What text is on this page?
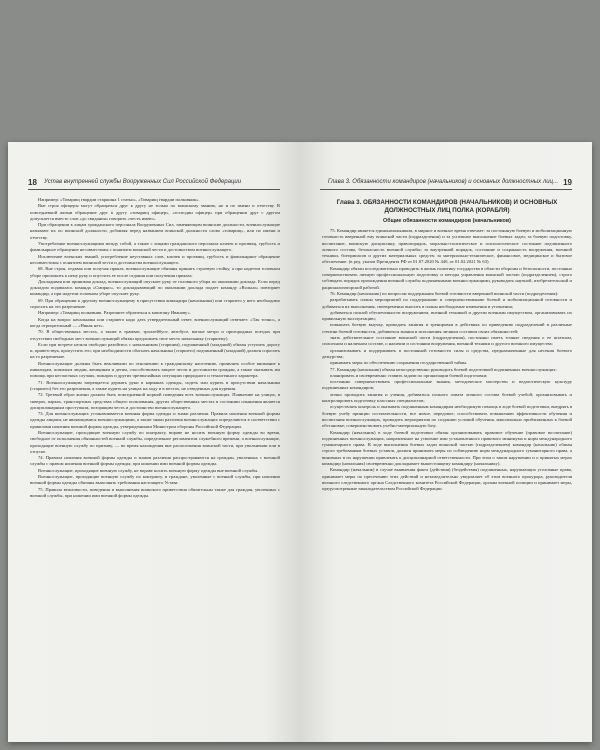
18 Устав внутренней службы Вооруженных Сил Российской Федерации

Например: «Товарищ гвардии старшина 1 статьи», «Товарищ гвардии полковник».

Вне строя офицеры могут обращаться друг к другу не только по воинскому званию, но и по имени и отчеству. В повседневной жизни обращение друг к другу «товарищ офицер», «господин офицер» при обращении друг с другом допускается вместо слов «до свидания» говорить «честь имею».

При обращении к лицам гражданского персонала Вооруженных Сил, заменяющим воинские должности, военнослужащие называют их по воинской должности, добавляя перед названием воинской должности слово «товарищ», или по имени и отчеству.

Употребление военнослужащими между собой, а также с лицами гражданского персонала кличек и прозвищ, грубость и фамильярное обращение несовместимы с понятием воинской чести и достоинством военнослужащего.

Исключение военских званий, употребление неуставных слов, кличек и прозвищ, грубость и фамильярное обращение несовместимы с понятием воинской чести и достоинства военнослужащего.

68. Вне строя, отдавая или получая приказ, военнослужащие обязаны принять строевую стойку, а при надетом головном уборе приложить к нему руку и опустить ее после отдания или получения приказа.

Докладывая или принимая доклад, военнослужащий опускает руку от головного убора по окончании доклада. Если перед докладом подавалась команда «Смирно», то докладывающий по окончании доклада подает команду «Вольно» повторяет командир, а при надетом головном уборе опускает руку.

69. При обращении к другому военнослужащему в присутствии командира (начальника) или старшего у него необходимо спросить на это разрешение.

Например: «Товарищ полковник. Разрешите обратиться к капитану Иванову».

Когда на вопрос начальника или старшего надо дать утвердительный ответ, военнослужащий отвечает: «Так точно», а когда отрицательный — «Никак нет».

70. В общественных местах, а также в трамвае, троллейбусе, автобусе, вагоне метро и пригородных поездах при отсутствии свободных мест военнослужащий обязан предложить свое место начальнику (старшему).

Если при встрече нельзя свободно разойтись с начальником (старшим), подчиненный (младший) обязан уступить дорогу и, приветствуя, пропустить его; при необходимости обогнать начальника (старшего) подчиненный (младший) должен спросить на то разрешение.

Военнослужащие должны быть вежливыми по отношению к гражданскому населению, проявлять особое внимание к инвалидам, пожилым людям, женщинам и детям, способствовать защите чести и достоинства граждан, а также оказывать им помощь при несчастных случаях, пожарах и других чрезвычайных ситуациях природного и техногенного характера.

71. Военнослужащим запрещается держать руки в карманах одежды, сидеть или курить в присутствии начальника (старшего) без его разрешения, а также курить на улицах на ходу и в местах, не отведенных для курения.

72. Трезвый образ жизни должен быть повседневной нормой поведения всех военнослужащих. Появление на улицах, в скверах, парках, транспортных средствах общего пользования, других общественных местах в состоянии опьянения является дисциплинарным проступком, позорящим честь и достоинство военнослужащего.

73. Для военнослужащих устанавливается военная форма одежды и знаки различия. Правила ношения военной формы одежды лицами, не являющимися военнослужащими, а также знаки различия военнослужащих определяются в соответствии с правилами ношения военной формы одежды, утвержденными Министром обороны Российской Федерации.

Военнослужащие, проходящие военную службу по контракту, вправе не носить военную форму одежды во время, свободное от исполнения обязанностей военной службы, определенное регламентом служебного времени, а военнослужащие, проходящие военную службу по призыву, — во время нахождения вне расположения воинской части, при увольнении или в отпуске.

74. Правила ношения военной формы одежды и знаков различия распространяются на граждан, уволенных с военной службы с правом ношения военной формы одежды; при ношении ими военной формы одежды.

Военнослужащие, проходящие военную службу, не вправе носить военную форму одежды вне военной службы.

Военнослужащие, проходящие военную службу по контракту, и граждане, уволенные с военной службы, при ношении военной формы одежды обязаны выполнять требования настоящего Устава.

75. Правила вежливости, поведения и выполнения воинского приветствия обязательны также для граждан, уволенных с военной службы, при ношении ими военной формы одежды.

Глава 3. Обязанности командиров (начальников) и основных должностных лиц... 19
Глава 3. ОБЯЗАННОСТИ КОМАНДИРОВ (НАЧАЛЬНИКОВ) И ОСНОВНЫХ ДОЛЖНОСТНЫХ ЛИЦ ПОЛКА (КОРАБЛЯ)
Общие обязанности командиров (начальников)

75. Командир является единоначальником, в мирное и военное время отвечает: за постоянную боевую и мобилизационную готовность вверенной ему воинской части (подразделения) и за успешное выполнение боевых задач; за боевую подготовку, воспитание, воинскую дисциплину, правопорядок, морально-политическое и психологическое состояние подчиненного личного состава, безопасность военной службы; за внутренний порядок, состояние и сохранность вооружения, военной техники, боеприпасов и других материальных средств; за материально-техническое, финансовое, медицинское и бытовое обеспечение. (в ред. указов Президента РФ от 01.07.2020 № 440, от 01.02.2021 № 63)

Командир обязан последовательно проводить в жизнь политику государства в области обороны и безопасности, постоянно совершенствовать личную профессиональную подготовку и методы управления воинской частью (подразделением), строго соблюдать порядок прохождения военной службы подчиненными военнослужащими, руководить научной, изобретательской и рационализаторской работой.

76. Командир (начальник) по вопросам поддержания боевой готовности вверенной воинской части (подразделения):

разрабатывать планы мероприятий по поддержанию и совершенствованию боевой и мобилизационной готовности и добиваться их выполнения, своевременно вносить в планы необходимые изменения и уточнения;

добиваться полной обеспеченности вооружением, военной техникой и другим военным имуществом, организовывать их правильную эксплуатацию;

повышать боевую выучку, проводить занятия и тренировки в действиях по приведению подразделений в различные степени боевой готовности, добиваться знания и исполнения личным составом своих обязанностей;

знать действительное состояние воинской части (подразделения), постоянно иметь точные сведения о ее штатном, списочном и наличном составе, о наличии и состоянии вооружения, военной техники и другого военного имущества;

организовывать и поддерживать в постоянной готовности силы и средства, предназначенные для несения боевого дежурства;

принимать меры по обеспечению сохранения государственной тайны.

77. Командир (начальник) обязан непосредственно руководить боевой подготовкой подчиненных военнослужащих:

планировать и своевременно ставить задачи по организации боевой подготовки;

постоянно совершенствовать профессиональные знания, методическое мастерство и педагогическую культуру подчиненных командиров;

лично проводить занятия и учения, добиваться полного охвата личного состава боевой учебой; организовывать и контролировать подготовку классных специалистов;

осуществлять контроль и оказывать подчиненным командирам необходимую помощь в ходе боевой подготовки, внедрять в боевую учебу принцип состязательности, все новое, передовое; способствовать повышению эффективности обучения и воспитания военнослужащих, проводить мероприятия по созданию условий обучения, максимально приближенных к боевой обстановке; совершенствовать учебно-материальную базу.

Командир (начальник) в ходе боевой подготовки обязан организовывать правовое обучение (правовое воспитание) подчиненных военнослужащих, направленное на усвоение ими установленного правового минимума и норм международного гуманитарного права. В ходе выполнения боевых задач воинской частью (подразделением) командир (начальник) обязан строго требованиям боевых уставов, должен принимать меры по соблюдению норм международного гуманитарного права, а виновных в их нарушении привлекать к дисциплинарной ответственности. При этом о таком нарушении и о принятых мерах командир (начальник) своевременно докладывает вышестоящему командиру (начальнику).

Командир (начальник) в случае выявления факта (действия) (бездействия) подчиненных, нарушающих уголовные права, принимает меры по пресечению этих действий и незамедлительно уведомляет об этом военного прокурора, руководителя военного следственного органа Следственного комитета Российской Федерации, органы военной полиции и принимает меры, предусмотренные законодательством Российской Федерации.
